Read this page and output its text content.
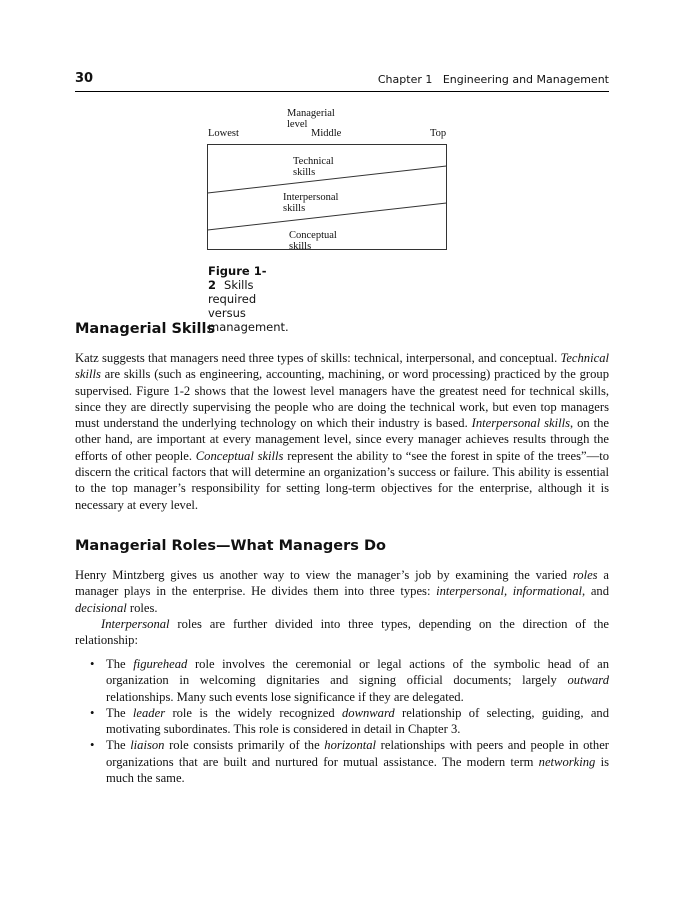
30	Chapter 1   Engineering and Management
Managerial level
Lowest	Middle	Top
Technical skills
Interpersonal skills
Conceptual skills
Figure 1-2 Skills required versus management.
Managerial Skills

Katz suggests that managers need three types of skills: technical, interpersonal, and conceptual. Technical skills are skills (such as engineering, accounting, machining, or word processing) practiced by the group supervised. Figure 1-2 shows that the lowest level managers have the greatest need for technical skills, since they are directly supervising the people who are doing the technical work, but even top managers must understand the underlying technology on which their industry is based. Interpersonal skills, on the other hand, are important at every management level, since every manager achieves results through the efforts of other people. Conceptual skills represent the ability to “see the forest in spite of the trees”—to discern the critical factors that will determine an organization’s success or failure. This ability is essential to the top manager’s responsibility for setting long-term objectives for the enterprise, although it is necessary at every level.

Managerial Roles—What Managers Do

Henry Mintzberg gives us another way to view the manager’s job by examining the varied roles a manager plays in the enterprise. He divides them into three types: interpersonal, informational, and decisional roles.

Interpersonal roles are further divided into three types, depending on the direction of the relationship:

• The figurehead role involves the ceremonial or legal actions of the symbolic head of an organization in welcoming dignitaries and signing official documents; largely outward relationships. Many such events lose significance if they are delegated.
• The leader role is the widely recognized downward relationship of selecting, guiding, and motivating subordinates. This role is considered in detail in Chapter 3.
• The liaison role consists primarily of the horizontal relationships with peers and people in other organizations that are built and nurtured for mutual assistance. The modern term networking is much the same.
